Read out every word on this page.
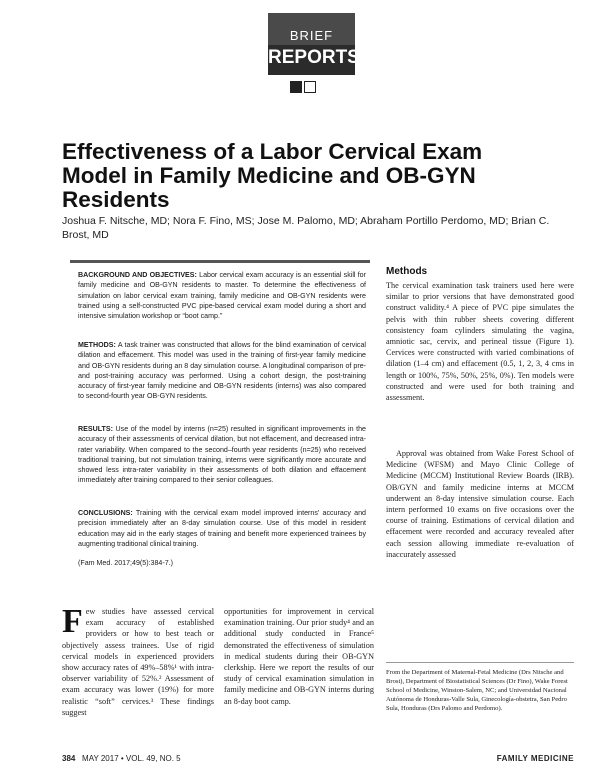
BRIEF
REPORTS
Effectiveness of a Labor Cervical Exam Model in Family Medicine and OB-GYN Residents

Joshua F. Nitsche, MD; Nora F. Fino, MS; Jose M. Palomo, MD; Abraham Portillo Perdomo, MD; Brian C. Brost, MD

BACKGROUND AND OBJECTIVES: Labor cervical exam accuracy is an essential skill for family medicine and OB-GYN residents to master. To determine the effectiveness of simulation on labor cervical exam training, family medicine and OB-GYN residents were trained using a self-constructed PVC pipe-based cervical exam model during a short and intensive simulation workshop or “boot camp.”

METHODS: A task trainer was constructed that allows for the blind examination of cervical dilation and effacement. This model was used in the training of first-year family medicine and OB-GYN residents during an 8 day simulation course. A longitudinal comparison of pre- and post-training accuracy was performed. Using a cohort design, the post-training accuracy of first-year family medicine and OB-GYN residents (interns) was also compared to second-fourth year OB-GYN residents.

RESULTS: Use of the model by interns (n=25) resulted in significant improvements in the accuracy of their assessments of cervical dilation, but not effacement, and decreased intra-rater variability. When compared to the second–fourth year residents (n=25) who received traditional training, but not simulation training, interns were significantly more accurate and showed less intra-rater variability in their assessments of both dilation and effacement immediately after training compared to their senior colleagues.

CONCLUSIONS: Training with the cervical exam model improved interns’ accuracy and precision immediately after an 8-day simulation course. Use of this model in resident education may aid in the early stages of training and benefit more experienced trainees by augmenting traditional clinical training.

(Fam Med. 2017;49(5):384-7.)

Methods

The cervical examination task trainers used here were similar to prior versions that have demonstrated good construct validity.⁴ A piece of PVC pipe simulates the pelvis with thin rubber sheets covering different consistency foam cylinders simulating the vagina, amniotic sac, cervix, and perineal tissue (Figure 1). Cervices were constructed with varied combinations of dilation (1–4 cm) and effacement (0.5, 1, 2, 3, 4 cms in length or 100%, 75%, 50%, 25%, 0%). Ten models were constructed and were used for both training and assessment.

Approval was obtained from Wake Forest School of Medicine (WFSM) and Mayo Clinic College of Medicine (MCCM) Institutional Review Boards (IRB). OB/GYN and family medicine interns at MCCM underwent an 8-day intensive simulation course. Each intern performed 10 exams on five occasions over the course of training. Estimations of cervical dilation and effacement were recorded and accuracy revealed after each session allowing immediate re-evaluation of inaccurately assessed

Few studies have assessed cervical exam accuracy of established providers or how to best teach or objectively assess trainees. Use of rigid cervical models in experienced providers show accuracy rates of 49%–58%¹ with intra-observer variability of 52%.² Assessment of exam accuracy was lower (19%) for more realistic “soft” cervices.³ These findings suggest

opportunities for improvement in cervical examination training. Our prior study⁴ and an additional study conducted in France⁵ demonstrated the effectiveness of simulation in medical students during their OB-GYN clerkship. Here we report the results of our study of cervical examination simulation in family medicine and OB-GYN interns during an 8-day boot camp.

From the Department of Maternal-Fetal Medicine (Drs Nitsche and Brost), Department of Biostatistical Sciences (Dr Fino), Wake Forest School of Medicine, Winston-Salem, NC; and Universidad Nacional Autónoma de Honduras-Valle Sula, Ginecología-obstetra, San Pedro Sula, Honduras (Drs Palomo and Perdomo).

384 MAY 2017 • VOL. 49, NO. 5	FAMILY MEDICINE
